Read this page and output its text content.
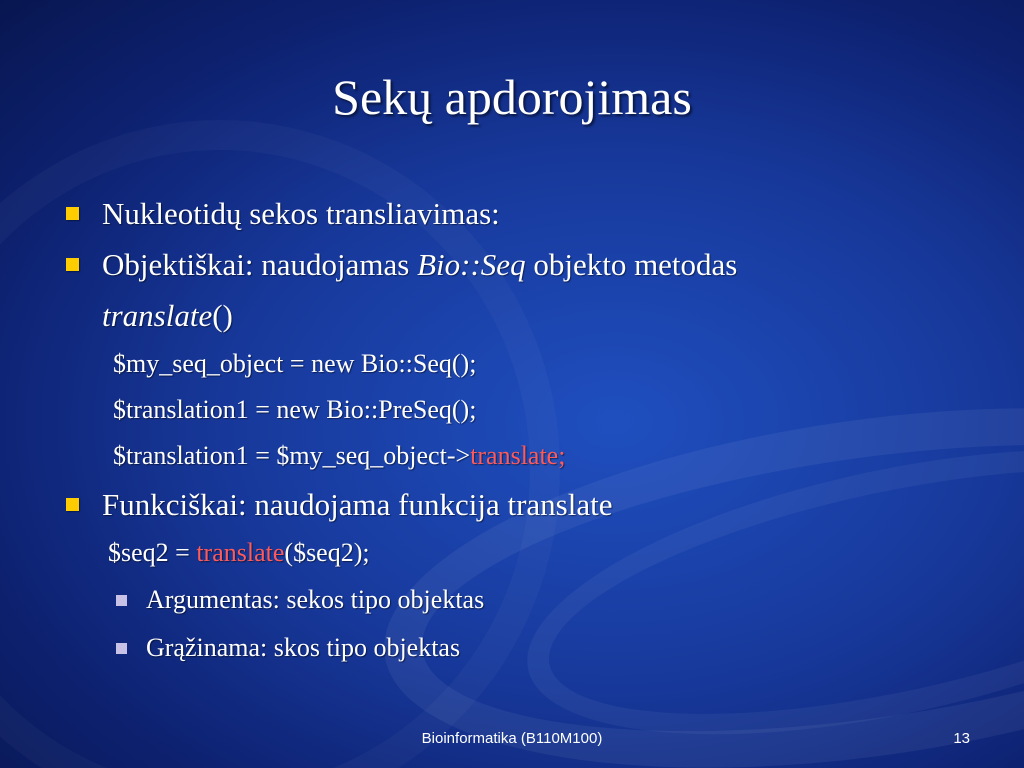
Sekų apdorojimas
Nukleotidų sekos transliavimas:
Objektiškai: naudojamas Bio::Seq objekto metodas
translate()
$my_seq_object = new Bio::Seq();
$translation1 = new Bio::PreSeq();
$translation1 = $my_seq_object->translate;
Funkciškai: naudojama funkcija translate
$seq2 = translate($seq2);
Argumentas: sekos tipo objektas
Grąžinama: skos tipo objektas
Bioinformatika (B110M100)	13
